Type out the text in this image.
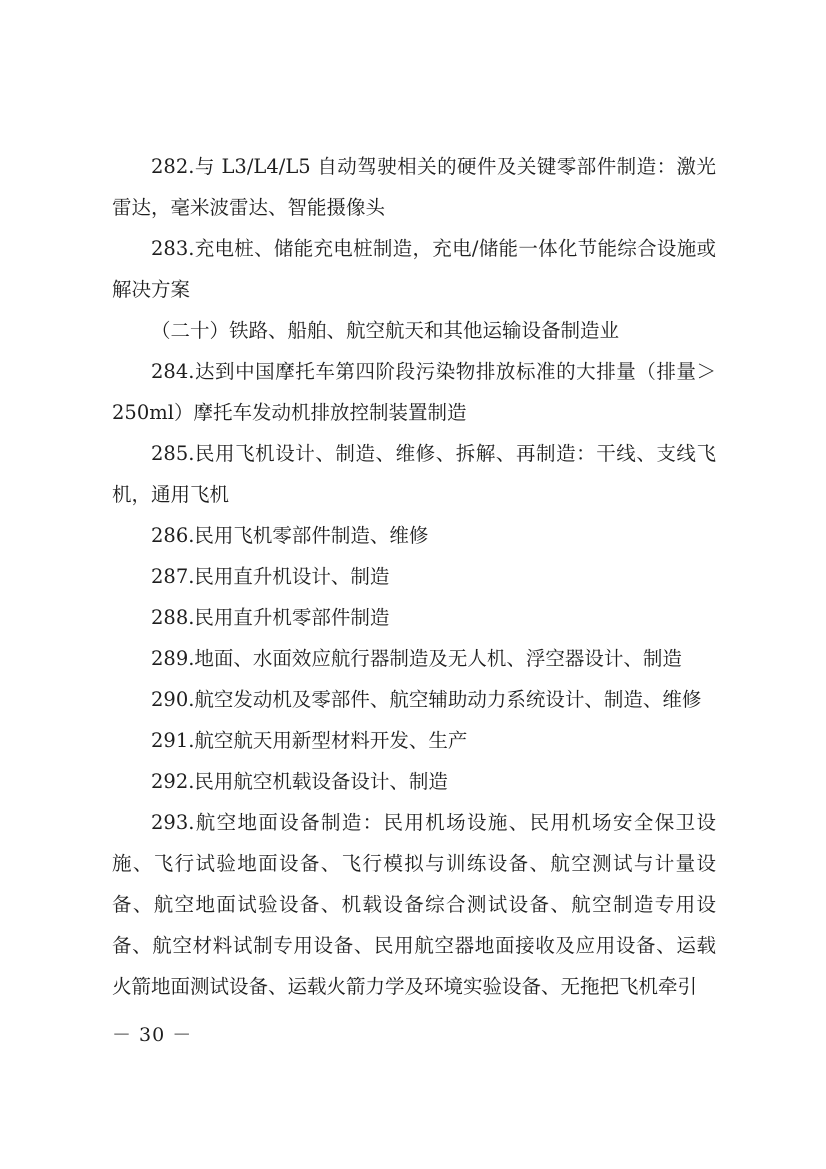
282.与 L3/L4/L5 自动驾驶相关的硬件及关键零部件制造：激光雷达，毫米波雷达、智能摄像头

283.充电桩、储能充电桩制造，充电/储能一体化节能综合设施或解决方案

（二十）铁路、船舶、航空航天和其他运输设备制造业

284.达到中国摩托车第四阶段污染物排放标准的大排量（排量＞250ml）摩托车发动机排放控制装置制造

285.民用飞机设计、制造、维修、拆解、再制造：干线、支线飞机，通用飞机

286.民用飞机零部件制造、维修

287.民用直升机设计、制造

288.民用直升机零部件制造

289.地面、水面效应航行器制造及无人机、浮空器设计、制造

290.航空发动机及零部件、航空辅助动力系统设计、制造、维修

291.航空航天用新型材料开发、生产

292.民用航空机载设备设计、制造

293.航空地面设备制造：民用机场设施、民用机场安全保卫设施、飞行试验地面设备、飞行模拟与训练设备、航空测试与计量设备、航空地面试验设备、机载设备综合测试设备、航空制造专用设备、航空材料试制专用设备、民用航空器地面接收及应用设备、运载火箭地面测试设备、运载火箭力学及环境实验设备、无拖把飞机牵引

－ 30 －
